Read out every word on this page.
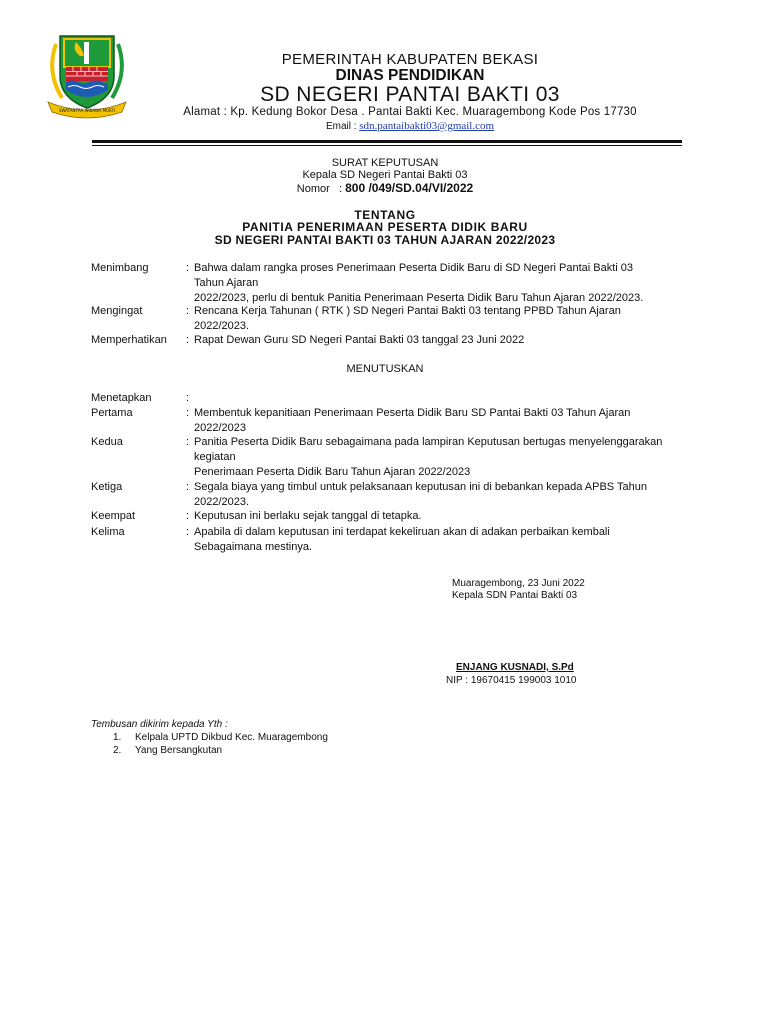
SWATANTRA WIBAWA MUKTI
PEMERINTAH KABUPATEN BEKASI
DINAS PENDIDIKAN
SD NEGERI PANTAI BAKTI 03
Alamat : Kp. Kedung Bokor Desa . Pantai Bakti Kec. Muaragembong Kode Pos 17730
Email : sdn.pantaibakti03@gmail.com
SURAT KEPUTUSAN
Kepala SD Negeri Pantai Bakti 03
Nomor : 800 /049/SD.04/VI/2022
TENTANG
PANITIA PENERIMAAN PESERTA DIDIK BARU
SD NEGERI PANTAI BAKTI 03 TAHUN AJARAN 2022/2023
Menimbang	: Bahwa dalam rangka proses Penerimaan Peserta Didik Baru di SD Negeri Pantai Bakti 03
Tahun Ajaran
2022/2023, perlu di bentuk Panitia Penerimaan Peserta Didik Baru Tahun Ajaran 2022/2023.
Mengingat	: Rencana Kerja Tahunan ( RTK ) SD Negeri Pantai Bakti 03 tentang PPBD Tahun Ajaran
2022/2023.
Memperhatikan	: Rapat Dewan Guru SD Negeri Pantai Bakti 03 tanggal 23 Juni 2022
MENUTUSKAN
Menetapkan	:
Pertama	: Membentuk kepanitiaan Penerimaan Peserta Didik Baru SD Pantai Bakti 03 Tahun Ajaran
2022/2023
Kedua	: Panitia Peserta Didik Baru sebagaimana pada lampiran Keputusan bertugas menyelenggarakan
kegiatan
Penerimaan Peserta Didik Baru Tahun Ajaran 2022/2023
Ketiga	: Segala biaya yang timbul untuk pelaksanaan keputusan ini di bebankan kepada APBS Tahun
2022/2023.
Keempat	: Keputusan ini berlaku sejak tanggal di tetapka.
Kelima	: Apabila di dalam keputusan ini terdapat kekeliruan akan di adakan perbaikan kembali
Sebagaimana mestinya.
Muaragembong, 23 Juni 2022
Kepala SDN Pantai Bakti 03
ENJANG KUSNADI, S.Pd
NIP : 19670415 199003 1010
Tembusan dikirim kepada Yth :
1. Kelpala UPTD Dikbud Kec. Muaragembong
2. Yang Bersangkutan
